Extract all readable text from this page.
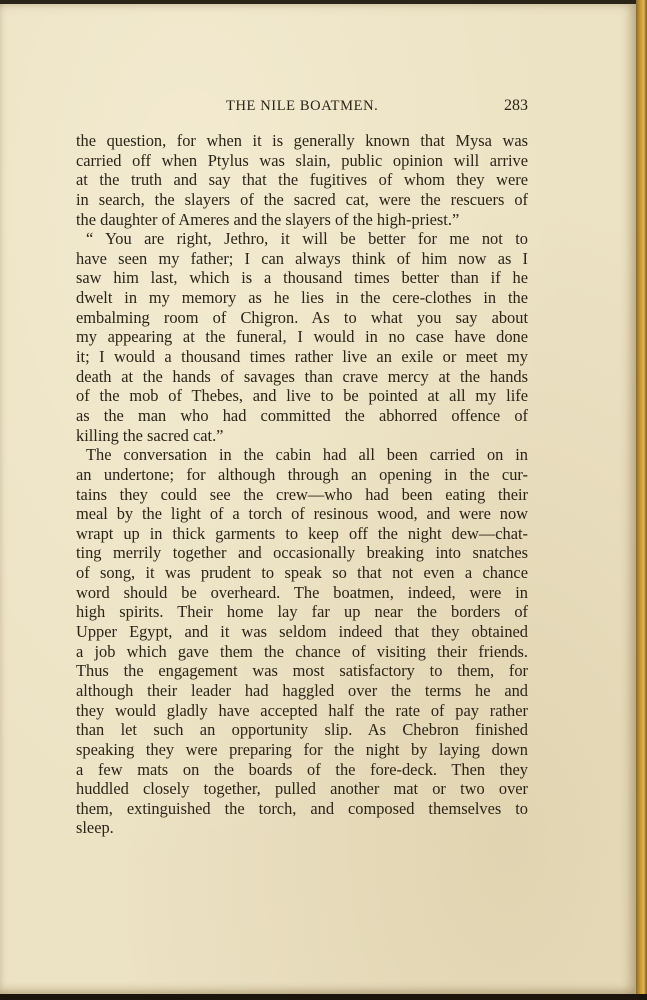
THE NILE BOATMEN.	283
the question, for when it is generally known that Mysa was
carried off when Ptylus was slain, public opinion will arrive
at the truth and say that the fugitives of whom they were
in search, the slayers of the sacred cat, were the rescuers of
the daughter of Ameres and the slayers of the high-priest.”
“ You are right, Jethro, it will be better for me not to
have seen my father; I can always think of him now as I
saw him last, which is a thousand times better than if he
dwelt in my memory as he lies in the cere-clothes in the
embalming room of Chigron. As to what you say about
my appearing at the funeral, I would in no case have done
it; I would a thousand times rather live an exile or meet my
death at the hands of savages than crave mercy at the hands
of the mob of Thebes, and live to be pointed at all my life
as the man who had committed the abhorred offence of
killing the sacred cat.”
The conversation in the cabin had all been carried on in
an undertone; for although through an opening in the cur-
tains they could see the crew—who had been eating their
meal by the light of a torch of resinous wood, and were now
wrapt up in thick garments to keep off the night dew—chat-
ting merrily together and occasionally breaking into snatches
of song, it was prudent to speak so that not even a chance
word should be overheard. The boatmen, indeed, were in
high spirits. Their home lay far up near the borders of
Upper Egypt, and it was seldom indeed that they obtained
a job which gave them the chance of visiting their friends.
Thus the engagement was most satisfactory to them, for
although their leader had haggled over the terms he and
they would gladly have accepted half the rate of pay rather
than let such an opportunity slip. As Chebron finished
speaking they were preparing for the night by laying down
a few mats on the boards of the fore-deck. Then they
huddled closely together, pulled another mat or two over
them, extinguished the torch, and composed themselves to
sleep.
